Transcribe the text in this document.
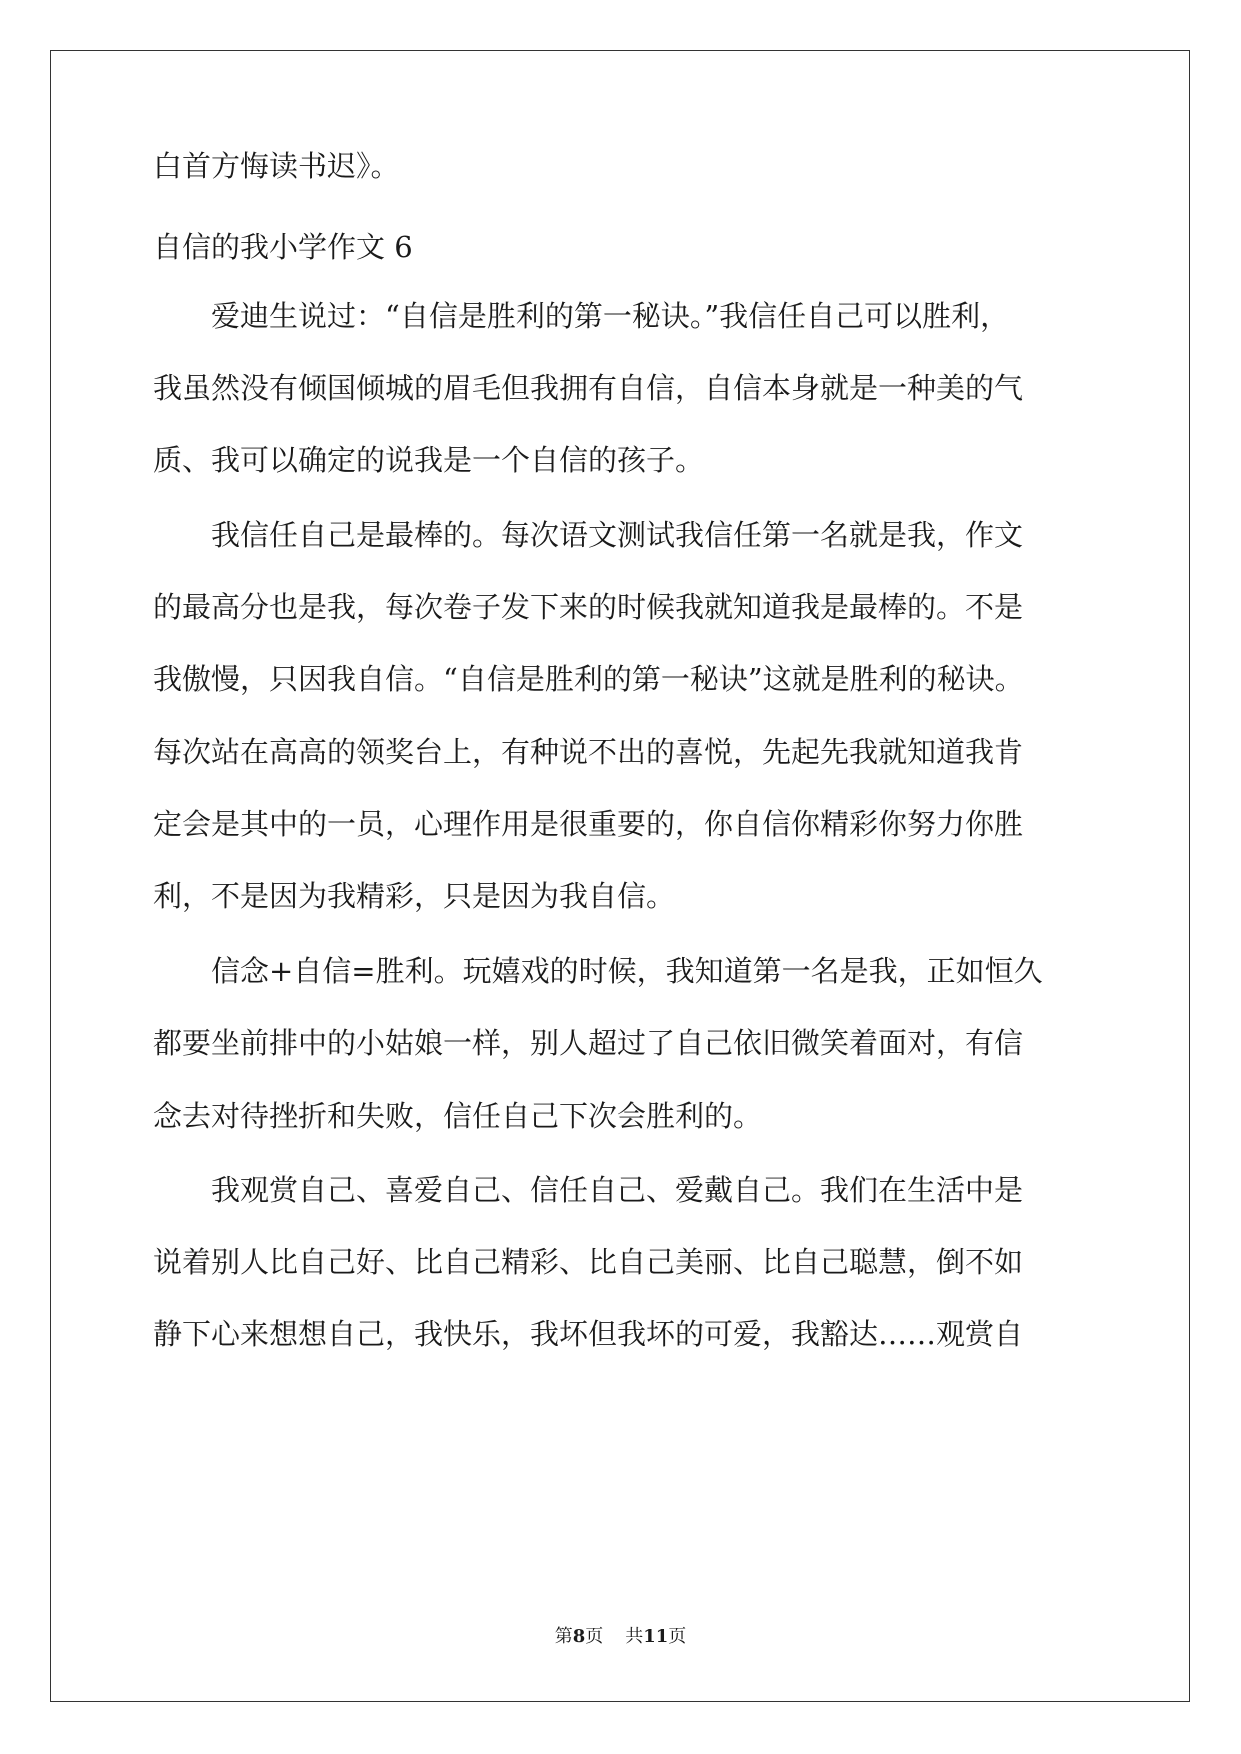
白首方悔读书迟》。
自信的我小学作文 6
爱迪生说过：“自信是胜利的第一秘诀。”我信任自己可以胜利，
我虽然没有倾国倾城的眉毛但我拥有自信，自信本身就是一种美的气
质、我可以确定的说我是一个自信的孩子。
我信任自己是最棒的。每次语文测试我信任第一名就是我，作文
的最高分也是我，每次卷子发下来的时候我就知道我是最棒的。不是
我傲慢，只因我自信。“自信是胜利的第一秘诀”这就是胜利的秘诀。
每次站在高高的领奖台上，有种说不出的喜悦，先起先我就知道我肯
定会是其中的一员，心理作用是很重要的，你自信你精彩你努力你胜
利，不是因为我精彩，只是因为我自信。
信念+自信=胜利。玩嬉戏的时候，我知道第一名是我，正如恒久
都要坐前排中的小姑娘一样，别人超过了自己依旧微笑着面对，有信
念去对待挫折和失败，信任自己下次会胜利的。
我观赏自己、喜爱自己、信任自己、爱戴自己。我们在生活中是
说着别人比自己好、比自己精彩、比自己美丽、比自己聪慧，倒不如
静下心来想想自己，我快乐，我坏但我坏的可爱，我豁达……观赏自
第8页 共11页
